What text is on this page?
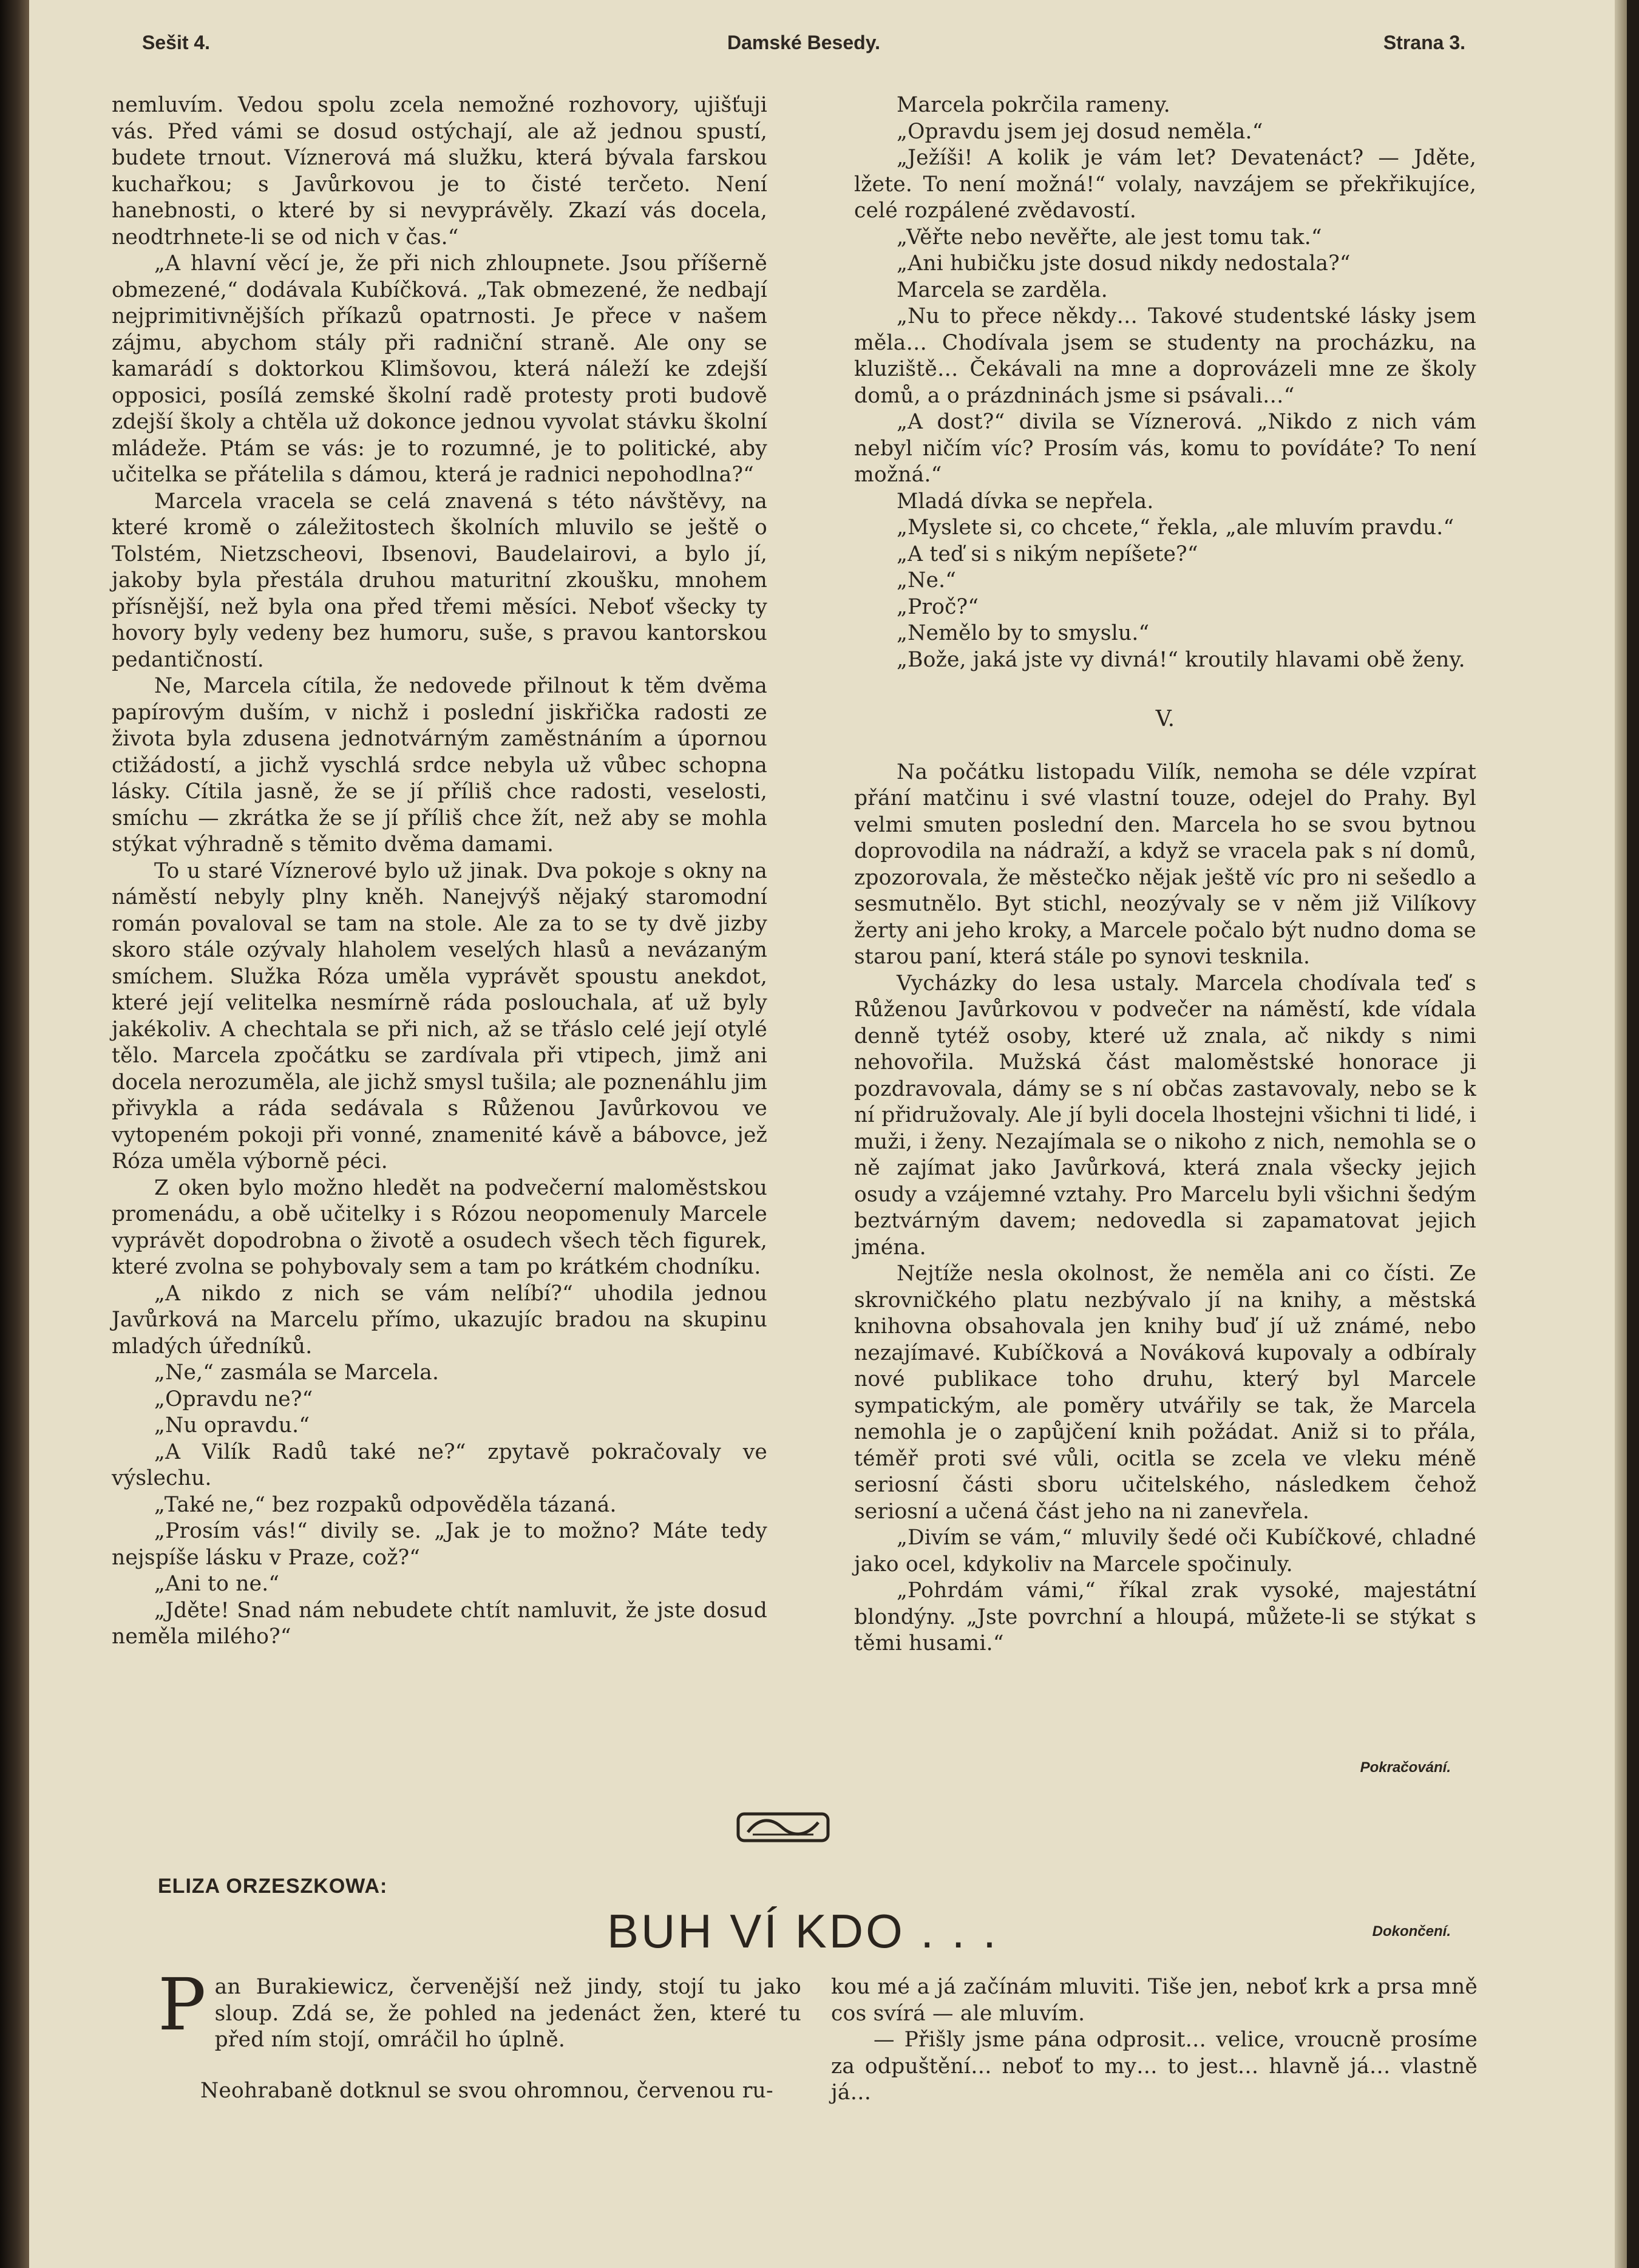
Sešit 4.	Damské Besedy.	Strana 3.

nemluvím. Vedou spolu zcela nemožné rozhovory, ujišťuji vás. Před vámi se dosud ostýchají, ale až jednou spustí, budete trnout. Víznerová má služku, která bývala farskou kuchařkou; s Javůrkovou je to čisté terčeto. Není hanebnosti, o které by si nevyprávěly. Zkazí vás docela, neodtrhnete-li se od nich v čas.“

„A hlavní věcí je, že při nich zhloupnete. Jsou příšerně obmezené,“ dodávala Kubíčková. „Tak obmezené, že nedbají nejprimitivnějších příkazů opatrnosti. Je přece v našem zájmu, abychom stály při radniční straně. Ale ony se kamarádí s doktorkou Klimšovou, která náleží ke zdejší opposici, posílá zemské školní radě protesty proti budově zdejší školy a chtěla už dokonce jednou vyvolat stávku školní mládeže. Ptám se vás: je to rozumné, je to politické, aby učitelka se přátelila s dámou, která je radnici nepohodlna?“

Marcela vracela se celá znavená s této návštěvy, na které kromě o záležitostech školních mluvilo se ještě o Tolstém, Nietzscheovi, Ibsenovi, Baudelairovi, a bylo jí, jakoby byla přestála druhou maturitní zkoušku, mnohem přísnější, než byla ona před třemi měsíci. Neboť všecky ty hovory byly vedeny bez humoru, suše, s pravou kantorskou pedantičností.

Ne, Marcela cítila, že nedovede přilnout k těm dvěma papírovým duším, v nichž i poslední jiskřička radosti ze života byla zdusena jednotvárným zaměstnáním a úpornou ctižádostí, a jichž vyschlá srdce nebyla už vůbec schopna lásky. Cítila jasně, že se jí příliš chce radosti, veselosti, smíchu — zkrátka že se jí příliš chce žít, než aby se mohla stýkat výhradně s těmito dvěma damami.

To u staré Víznerové bylo už jinak. Dva pokoje s okny na náměstí nebyly plny kněh. Nanejvýš nějaký staromodní román povaloval se tam na stole. Ale za to se ty dvě jizby skoro stále ozývaly hlaholem veselých hlasů a nevázaným smíchem. Služka Róza uměla vyprávět spoustu anekdot, které její velitelka nesmírně ráda poslouchala, ať už byly jakékoliv. A chechtala se při nich, až se třáslo celé její otylé tělo. Marcela zpočátku se zardívala při vtipech, jimž ani docela nerozuměla, ale jichž smysl tušila; ale poznenáhlu jim přivykla a ráda sedávala s Růženou Javůrkovou ve vytopeném pokoji při vonné, znamenité kávě a bábovce, jež Róza uměla výborně péci.

Z oken bylo možno hledět na podvečerní maloměstskou promenádu, a obě učitelky i s Rózou neopomenuly Marcele vyprávět dopodrobna o životě a osudech všech těch figurek, které zvolna se pohybovaly sem a tam po krátkém chodníku.

„A nikdo z nich se vám nelíbí?“ uhodila jednou Javůrková na Marcelu přímo, ukazujíc bradou na skupinu mladých úředníků.

„Ne,“ zasmála se Marcela.

„Opravdu ne?“

„Nu opravdu.“

„A Vilík Radů také ne?“ zpytavě pokračovaly ve výslechu.

„Také ne,“ bez rozpaků odpověděla tázaná.

„Prosím vás!“ divily se. „Jak je to možno? Máte tedy nejspíše lásku v Praze, což?“

„Ani to ne.“

„Jděte! Snad nám nebudete chtít namluvit, že jste dosud neměla milého?“

Marcela pokrčila rameny.

„Opravdu jsem jej dosud neměla.“

„Ježíši! A kolik je vám let? Devatenáct? — Jděte, lžete. To není možná!“ volaly, navzájem se překřikujíce, celé rozpálené zvědavostí.

„Věřte nebo nevěřte, ale jest tomu tak.“

„Ani hubičku jste dosud nikdy nedostala?“

Marcela se zarděla.

„Nu to přece někdy… Takové studentské lásky jsem měla… Chodívala jsem se studenty na procházku, na kluziště… Čekávali na mne a doprovázeli mne ze školy domů, a o prázdninách jsme si psávali…“

„A dost?“ divila se Víznerová. „Nikdo z nich vám nebyl ničím víc? Prosím vás, komu to povídáte? To není možná.“

Mladá dívka se nepřela.

„Myslete si, co chcete,“ řekla, „ale mluvím pravdu.“

„A teď si s nikým nepíšete?“

„Ne.“

„Proč?“

„Nemělo by to smyslu.“

„Bože, jaká jste vy divná!“ kroutily hlavami obě ženy.

V.

Na počátku listopadu Vilík, nemoha se déle vzpírat přání matčinu i své vlastní touze, odejel do Prahy. Byl velmi smuten poslední den. Marcela ho se svou bytnou doprovodila na nádraží, a když se vracela pak s ní domů, zpozorovala, že městečko nějak ještě víc pro ni sešedlo a sesmutnělo. Byt stichl, neozývaly se v něm již Vilíkovy žerty ani jeho kroky, a Marcele počalo být nudno doma se starou paní, která stále po synovi tesknila.

Vycházky do lesa ustaly. Marcela chodívala teď s Růženou Javůrkovou v podvečer na náměstí, kde vídala denně tytéž osoby, které už znala, ač nikdy s nimi nehovořila. Mužská část maloměstské honorace ji pozdravovala, dámy se s ní občas zastavovaly, nebo se k ní přidružovaly. Ale jí byli docela lhostejni všichni ti lidé, i muži, i ženy. Nezajímala se o nikoho z nich, nemohla se o ně zajímat jako Javůrková, která znala všecky jejich osudy a vzájemné vztahy. Pro Marcelu byli všichni šedým beztvárným davem; nedovedla si zapamatovat jejich jména.

Nejtíže nesla okolnost, že neměla ani co čísti. Ze skrovničkého platu nezbývalo jí na knihy, a městská knihovna obsahovala jen knihy buď jí už známé, nebo nezajímavé. Kubíčková a Nováková kupovaly a odbíraly nové publikace toho druhu, který byl Marcele sympatickým, ale poměry utvářily se tak, že Marcela nemohla je o zapůjčení knih požádat. Aniž si to přála, téměř proti své vůli, ocitla se zcela ve vleku méně seriosní části sboru učitelského, následkem čehož seriosní a učená část jeho na ni zanevřela.

„Divím se vám,“ mluvily šedé oči Kubíčkové, chladné jako ocel, kdykoliv na Marcele spočinuly.

„Pohrdám vámi,“ říkal zrak vysoké, majestátní blondýny. „Jste povrchní a hloupá, můžete-li se stýkat s těmi husami.“

Pokračování.
ELIZA ORZESZKOWA:
BUH VÍ KDO . . .	Dokončení.

Pan Burakiewicz, červenější než jindy, stojí tu jako sloup. Zdá se, že pohled na jedenáct žen, které tu před ním stojí, omráčil ho úplně.

Neohrabaně dotknul se svou ohromnou, červenou ru-

kou mé a já začínám mluviti. Tiše jen, neboť krk a prsa mně cos svírá — ale mluvím.

— Přišly jsme pána odprosit… velice, vroucně prosíme za odpuštění… neboť to my… to jest… hlavně já… vlastně já…
